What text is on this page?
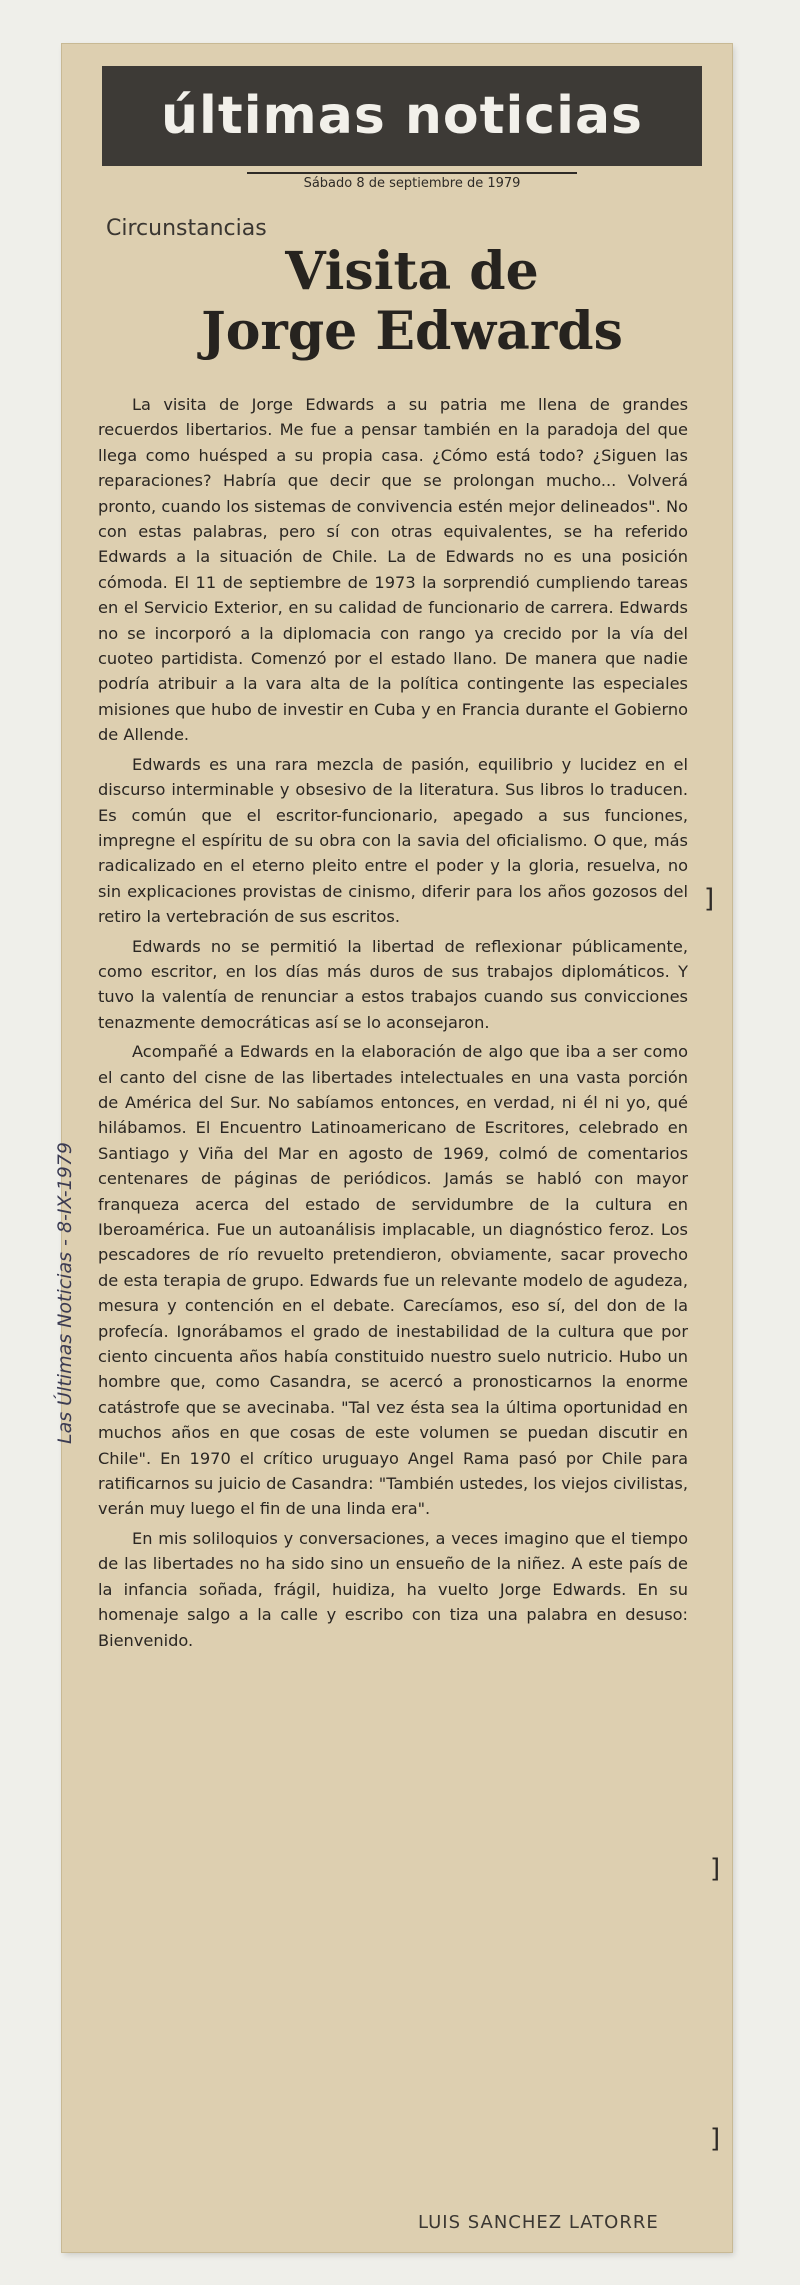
últimas noticias
Sábado 8 de septiembre de 1979
Circunstancias
Visita de
Jorge Edwards

La visita de Jorge Edwards a su patria me llena de grandes recuerdos libertarios. Me fue a pensar también en la paradoja del que llega como huésped a su propia casa. ¿Cómo está todo? ¿Siguen las reparaciones? Habría que decir que se prolongan mucho... Volverá pronto, cuando los sistemas de convivencia estén mejor delineados". No con estas palabras, pero sí con otras equivalentes, se ha referido Edwards a la situación de Chile. La de Edwards no es una posición cómoda. El 11 de septiembre de 1973 la sorprendió cumpliendo tareas en el Servicio Exterior, en su calidad de funcionario de carrera. Edwards no se incorporó a la diplomacia con rango ya crecido por la vía del cuoteo partidista. Comenzó por el estado llano. De manera que nadie podría atribuir a la vara alta de la política contingente las especiales misiones que hubo de investir en Cuba y en Francia durante el Gobierno de Allende.

Edwards es una rara mezcla de pasión, equilibrio y lucidez en el discurso interminable y obsesivo de la literatura. Sus libros lo traducen. Es común que el escritor-funcionario, apegado a sus funciones, impregne el espíritu de su obra con la savia del oficialismo. O que, más radicalizado en el eterno pleito entre el poder y la gloria, resuelva, no sin explicaciones provistas de cinismo, diferir para los años gozosos del retiro la vertebración de sus escritos.

Edwards no se permitió la libertad de reflexionar públicamente, como escritor, en los días más duros de sus trabajos diplomáticos. Y tuvo la valentía de renunciar a estos trabajos cuando sus convicciones tenazmente democráticas así se lo aconsejaron.

Acompañé a Edwards en la elaboración de algo que iba a ser como el canto del cisne de las libertades intelectuales en una vasta porción de América del Sur. No sabíamos entonces, en verdad, ni él ni yo, qué hilábamos. El Encuentro Latinoamericano de Escritores, celebrado en Santiago y Viña del Mar en agosto de 1969, colmó de comentarios centenares de páginas de periódicos. Jamás se habló con mayor franqueza acerca del estado de servidumbre de la cultura en Iberoamérica. Fue un autoanálisis implacable, un diagnóstico feroz. Los pescadores de río revuelto pretendieron, obviamente, sacar provecho de esta terapia de grupo. Edwards fue un relevante modelo de agudeza, mesura y contención en el debate. Carecíamos, eso sí, del don de la profecía. Ignorábamos el grado de inestabilidad de la cultura que por ciento cincuenta años había constituido nuestro suelo nutricio. Hubo un hombre que, como Casandra, se acercó a pronosticarnos la enorme catástrofe que se avecinaba. "Tal vez ésta sea la última oportunidad en muchos años en que cosas de este volumen se puedan discutir en Chile". En 1970 el crítico uruguayo Angel Rama pasó por Chile para ratificarnos su juicio de Casandra: "También ustedes, los viejos civilistas, verán muy luego el fin de una linda era".

En mis soliloquios y conversaciones, a veces imagino que el tiempo de las libertades no ha sido sino un ensueño de la niñez. A este país de la infancia soñada, frágil, huidiza, ha vuelto Jorge Edwards. En su homenaje salgo a la calle y escribo con tiza una palabra en desuso: Bienvenido.

LUIS SANCHEZ LATORRE
Las Últimas Noticias - 8-IX-1979
]
]
]
